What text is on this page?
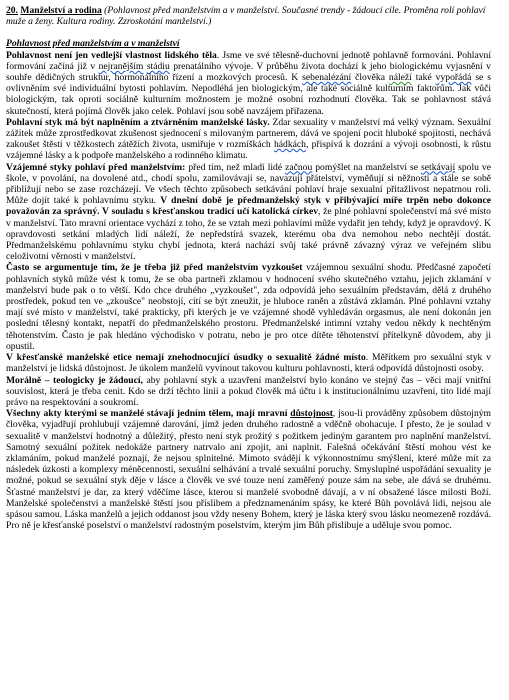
20. Manželství a rodina (Pohlavnost před manželstvím a v manželství. Současné trendy - žádoucí cíle. Proměna rolí pohlaví muže a ženy. Kultura rodiny. Zzroskotání manželství.)
Pohlavnost před manželstvím a v manželství

Pohlavnost není jen vedlejší vlastnost lidského těla. Jsme ve své tělesně-duchovní jednotě pohlavně formováni. Pohlavní formování začíná již v nejranějším stádiu prenatálního vývoje. V průběhu života dochází k jeho biologickému vyjasnění v souhře dědičných struktur, hormonálního řízení a mozkových procesů. K sebenalézání člověka náleží také vypořádá se s ovlivněním své individuální bytosti pohlavím. Nepodléhá jen biologickým, ale také sociálně kulturním faktorům. Jak vůči biologickým, tak oproti sociálně kulturním možnostem je možné osobní rozhodnutí člověka. Tak se pohlavnost stává skutečností, která pojímá člověk jako celek. Pohlaví jsou sobě navzájem přiřazena.

Pohlavní styk má být naplněním a ztvárněním manželské lásky. Zdar sexuality v manželství má velký význam. Sexuální zážitek může zprostředkovat zkušenost sjednocení s milovaným partnerem, dává ve spojení pocit hluboké spojitosti, nechává zakoušet štěstí v těžkostech zátěžích života, usmiřuje v rozmíškách hádkách, přispívá k dozrání a vývoji osobnosti, k růstu vzájemné lásky a k podpoře manželského a rodinného klimatu.

Vzájemné styky pohlaví před manželstvím: před tím, než mladí lidé začnou pomýšlet na manželství se setkávají spolu ve škole, v povolání, na dovolené atd., chodí spolu, zamilovávají se, navazují přátelství, vyměňují si něžnosti a stále se sobě přibližují nebo se zase rozcházejí. Ve všech těchto způsobech setkávání pohlaví hraje sexualní přitažlivost nepatrnou roli. Může dojít také k pohlavnímu styku. V dnešní době je předmanželský styk v přibývající míře trpěn nebo dokonce považován za správný. V souladu s křesťanskou tradicí učí katolická církev, že plné pohlavní společenství má své místo v manželství. Tato mravní orientace vychází z toho, že se vztah mezi pohlavími může vydařit jen tehdy, když je opravdový. K opravdovosti setkání mladých lidí náleží, že nepředstírá svazek, kterému oba dva nemohou nebo nechtějí dostát. Předmanželskému pohlavnímu styku chybí jednota, která nachází svůj také právně závazný výraz ve veřejném slibu celoživotní věrnosti v manželství.

Často se argumentuje tím, že je třeba již před manželstvím vyzkoušet vzájemnou sexuální shodu. Předčasné započetí pohlavních styků může vést k tomu, že se oba partneři zklamou v hodnocení svého skutečného vztahu, jejich zklamání v manželství bude pak o to větší. Kdo chce druhého „vyzkoušet", zda odpovídá jeho sexuálním představám, dělá z druhého prostředek, pokud ten ve „zkoušce" neobstojí, cítí se být zneužit, je hluboce raněn a zůstává zklamán. Plné pohlavní vztahy mají své místo v manželství, také prakticky, při kterých je ve vzájemné shodě vyhledáván orgasmus, ale není dokonán jen poslední tělesný kontakt, nepatří do předmanželského prostoru. Předmanželské intimní vztahy vedou někdy k nechtěným těhotenstvím. Často je pak hledáno východisko v potratu, nebo je pro otce dítěte těhotenství přítelkyně důvodem, aby ji opustil.

V křesťanské manželské etice nemají znehodnocující úsudky o sexualitě žádné místo. Měřítkem pro sexuální styk v manželství je lidská důstojnost. Je úkolem manželů vyvinout takovou kulturu pohlavnosti, která odpovídá důstojnosti osoby.

Morálně – teologicky je žádoucí, aby pohlavní styk a uzavření manželství bylo konáno ve stejný čas – věci mají vnitřní souvislost, která je třeba cenit. Kdo se drží těchto linií a pokud člověk má účtu i k institucionálnímu uzavření, tito lidé mají právo na respektování a soukromí.

Všechny akty kterými se manželé stávají jedním tělem, mají mravní důstojnost, jsou-li prováděny způsobem důstojným člověka, vyjadřují prohlubují vzájemné darování, jímž jeden druhého radostně a vděčně obohacuje. I přesto, že je soulad v sexualitě v manželství hodnotný a důležitý, přesto není styk prožitý s požitkem jediným garantem pro naplnění manželství. Samotný sexuální požitek nedokáže partnery natrvalo ani zpojit, ani naplnit. Falešná očekávání štěstí mohou vést ke zklamáním, pokud manželé poznají, že nejsou splnitelné. Mimoto svádějí k výkonnostnímu smýšlení, které může mít za následek úzkosti a komplexy méněcennosti, sexuální selhávání a trvalé sexuální poruchy. Smysluplné uspořádání sexuality je možné, pokud se sexuální styk děje v lásce a člověk ve své touze není zaměřený pouze sám na sebe, ale dává se druhému. Šťastné manželství je dar, za který vděčíme lásce, kterou si manželé svobodně dávají, a v ní obsažené lásce milosti Boží. Manželské společenství a manželské štěstí jsou příslibem a předznamenáním spásy, ke které Bůh povolává lidi, nejsou ale spásou samou. Láska manželů a jejich oddanost jsou vždy neseny Bohem, který je láska který svou lásku neomezeně rozdává. Pro ně je křesťanské poselství o manželství radostným poselstvím, kterým jim Bůh přislibuje a uděluje svou pomoc.
